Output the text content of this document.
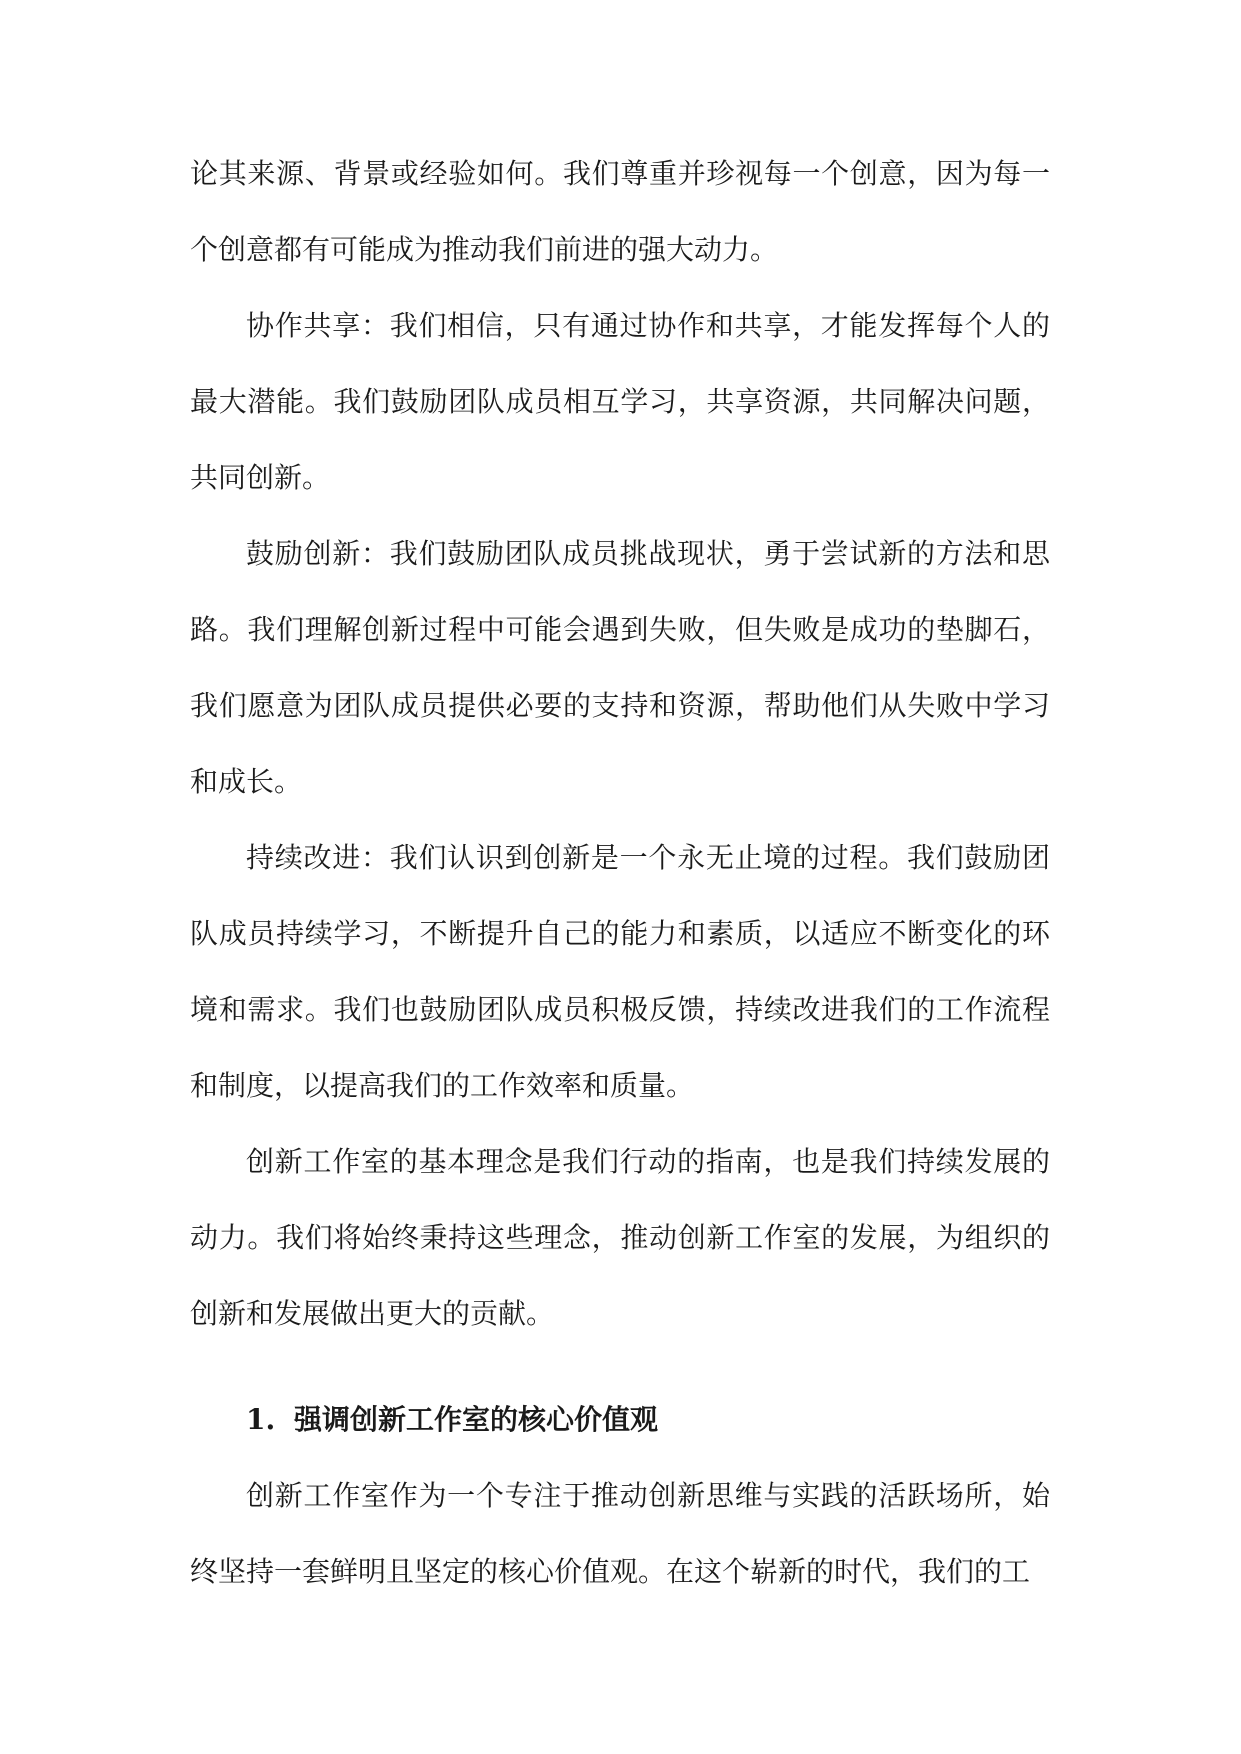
论其来源、背景或经验如何。我们尊重并珍视每一个创意，因为每一个创意都有可能成为推动我们前进的强大动力。

协作共享：我们相信，只有通过协作和共享，才能发挥每个人的最大潜能。我们鼓励团队成员相互学习，共享资源，共同解决问题，共同创新。

鼓励创新：我们鼓励团队成员挑战现状，勇于尝试新的方法和思路。我们理解创新过程中可能会遇到失败，但失败是成功的垫脚石，我们愿意为团队成员提供必要的支持和资源，帮助他们从失败中学习和成长。

持续改进：我们认识到创新是一个永无止境的过程。我们鼓励团队成员持续学习，不断提升自己的能力和素质，以适应不断变化的环境和需求。我们也鼓励团队成员积极反馈，持续改进我们的工作流程和制度，以提高我们的工作效率和质量。

创新工作室的基本理念是我们行动的指南，也是我们持续发展的动力。我们将始终秉持这些理念，推动创新工作室的发展，为组织的创新和发展做出更大的贡献。

1. 强调创新工作室的核心价值观

创新工作室作为一个专注于推动创新思维与实践的活跃场所，始终坚持一套鲜明且坚定的核心价值观。在这个崭新的时代，我们的工
